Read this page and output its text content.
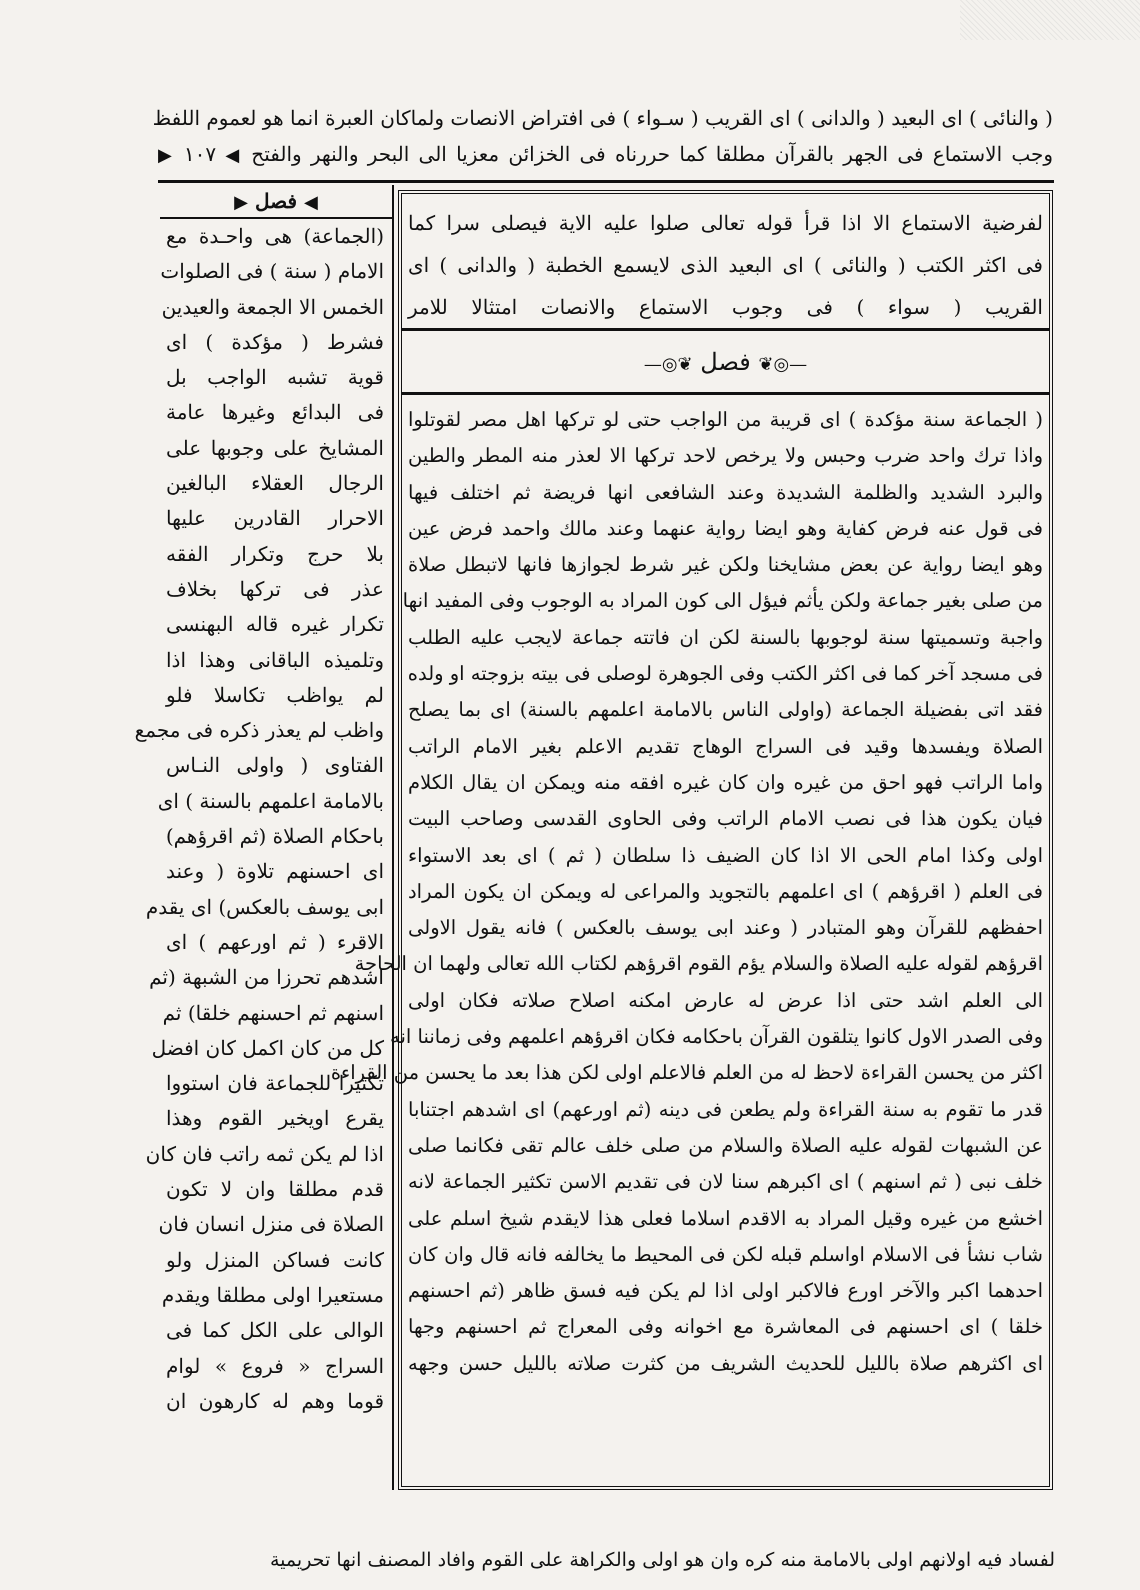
( والنائى ) اى البعيد ( والدانى ) اى القريب ( سـواء ) فى افتراض الانصات ولماكان العبرة انما هو لعموم اللفظ
وجب الاستماع فى الجهر بالقرآن مطلقا كما حررناه فى الخزائن معزيا الى البحر والنهر والفتح ◀ ١٠٧ ▶
◀ فصل ▶
(الجماعة) هى واحـدة مع
الامام ( سنة ) فى الصلوات
الخمس الا الجمعة والعيدين
فشرط ( مؤكدة ) اى
قوية تشبه الواجب بل
فى البدائع وغيرها عامة
المشايخ على وجوبها على
الرجال العقلاء البالغين
الاحرار القادرين عليها
بلا حرج وتكرار الفقه
عذر فى تركها بخلاف
تكرار غيره قاله البهنسى
وتلميذه الباقانى وهذا اذا
لم يواظب تكاسلا فلو
واظب لم يعذر ذكره فى مجمع
الفتاوى ( واولى النـاس
بالامامة اعلمهم بالسنة ) اى
باحكام الصلاة (ثم اقرؤهم)
اى احسنهم تلاوة ( وعند
ابى يوسف بالعكس) اى يقدم
الاقرء ( ثم اورعهم ) اى
اشدهم تحرزا من الشبهة (ثم
اسنهم ثم احسنهم خلقا) ثم
كل من كان اكمل كان افضل
تكثيرا للجماعة فان استووا
يقرع اويخير القوم وهذا
اذا لم يكن ثمه راتب فان كان
قدم مطلقا وان لا تكون
الصلاة فى منزل انسان فان
كانت فساكن المنزل ولو
مستعيرا اولى مطلقا ويقدم
الوالى على الكل كما فى
السراج « فروع » لوام
قوما وهم له كارهون ان
لفرضية الاستماع الا اذا قرأ قوله تعالى صلوا عليه الاية فيصلى سرا كما
فى اكثر الكتب ( والنائى ) اى البعيد الذى لايسمع الخطبة ( والدانى ) اى
القريب ( سواء ) فى وجوب الاستماع والانصات امتثالا للامر
—◎❦ فصل ❦◎—
( الجماعة سنة مؤكدة ) اى قريبة من الواجب حتى لو تركها اهل مصر لقوتلوا
واذا ترك واحد ضرب وحبس ولا يرخص لاحد تركها الا لعذر منه المطر والطين
والبرد الشديد والظلمة الشديدة وعند الشافعى انها فريضة ثم اختلف فيها
فى قول عنه فرض كفاية وهو ايضا رواية عنهما وعند مالك واحمد فرض عين
وهو ايضا رواية عن بعض مشايخنا ولكن غير شرط لجوازها فانها لاتبطل صلاة
من صلى بغير جماعة ولكن يأثم فيؤل الى كون المراد به الوجوب وفى المفيد انها
واجبة وتسميتها سنة لوجوبها بالسنة لكن ان فاتته جماعة لايجب عليه الطلب
فى مسجد آخر كما فى اكثر الكتب وفى الجوهرة لوصلى فى بيته بزوجته او ولده
فقد اتى بفضيلة الجماعة (واولى الناس بالامامة اعلمهم بالسنة) اى بما يصلح
الصلاة ويفسدها وقيد فى السراج الوهاج تقديم الاعلم بغير الامام الراتب
واما الراتب فهو احق من غيره وان كان غيره افقه منه ويمكن ان يقال الكلام
فيان يكون هذا فى نصب الامام الراتب وفى الحاوى القدسى وصاحب البيت
اولى وكذا امام الحى الا اذا كان الضيف ذا سلطان ( ثم ) اى بعد الاستواء
فى العلم ( اقرؤهم ) اى اعلمهم بالتجويد والمراعى له ويمكن ان يكون المراد
احفظهم للقرآن وهو المتبادر ( وعند ابى يوسف بالعكس ) فانه يقول الاولى
اقرؤهم لقوله عليه الصلاة والسلام يؤم القوم اقرؤهم لكتاب الله تعالى ولهما ان الحاجة
الى العلم اشد حتى اذا عرض له عارض امكنه اصلاح صلاته فكان اولى
وفى الصدر الاول كانوا يتلقون القرآن باحكامه فكان اقرؤهم اعلمهم وفى زماننا انه
اكثر من يحسن القراءة لاحظ له من العلم فالاعلم اولى لكن هذا بعد ما يحسن من القراءة
قدر ما تقوم به سنة القراءة ولم يطعن فى دينه (ثم اورعهم) اى اشدهم اجتنابا
عن الشبهات لقوله عليه الصلاة والسلام من صلى خلف عالم تقى فكانما صلى
خلف نبى ( ثم اسنهم ) اى اكبرهم سنا لان فى تقديم الاسن تكثير الجماعة لانه
اخشع من غيره وقيل المراد به الاقدم اسلاما فعلى هذا لايقدم شيخ اسلم على
شاب نشأ فى الاسلام اواسلم قبله لكن فى المحيط ما يخالفه فانه قال وان كان
احدهما اكبر والآخر اورع فالاكبر اولى اذا لم يكن فيه فسق ظاهر (ثم احسنهم
خلقا ) اى احسنهم فى المعاشرة مع اخوانه وفى المعراج ثم احسنهم وجها
اى اكثرهم صلاة بالليل للحديث الشريف من كثرت صلاته بالليل حسن وجهه
لفساد فيه اولانهم اولى بالامامة منه كره وان هو اولى والكراهة على القوم وافاد المصنف انها تحريمية
